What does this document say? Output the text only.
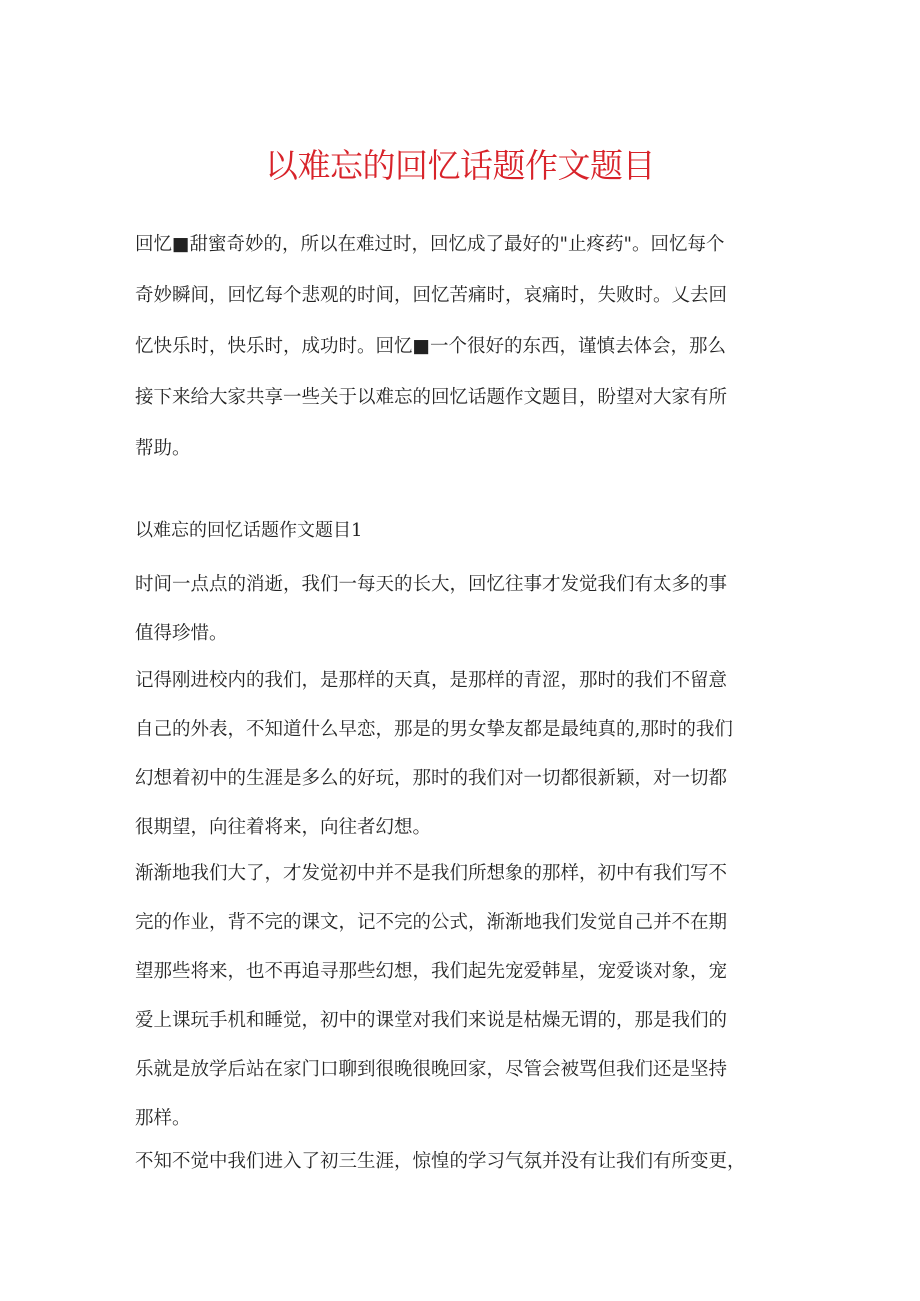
以难忘的回忆话题作文题目
回忆■甜蜜奇妙的，所以在难过时，回忆成了最好的"止疼药"。回忆每个
奇妙瞬间，回忆每个悲观的时间，回忆苦痛时，哀痛时，失败时。乂去回
忆快乐时，快乐时，成功时。回忆■一个很好的东西，谨慎去体会，那么
接下来给大家共享一些关于以难忘的回忆话题作文题目，盼望对大家有所
帮助。
以难忘的回忆话题作文题目1
时间一点点的消逝，我们一每天的长大，回忆往事才发觉我们有太多的事
值得珍惜。
记得刚进校内的我们，是那样的天真，是那样的青涩，那时的我们不留意
自己的外表，不知道什么早恋，那是的男女挚友都是最纯真的,那时的我们
幻想着初中的生涯是多么的好玩，那时的我们对一切都很新颖，对一切都
很期望，向往着将来，向往者幻想。
渐渐地我们大了，才发觉初中并不是我们所想象的那样，初中有我们写不
完的作业，背不完的课文，记不完的公式，渐渐地我们发觉自己并不在期
望那些将来，也不再追寻那些幻想，我们起先宠爱韩星，宠爱谈对象，宠
爱上课玩手机和睡觉，初中的课堂对我们来说是枯燥无谓的，那是我们的
乐就是放学后站在家门口聊到很晚很晚回家，尽管会被骂但我们还是坚持
那样。
不知不觉中我们进入了初三生涯，惊惶的学习气氛并没有让我们有所变更，
